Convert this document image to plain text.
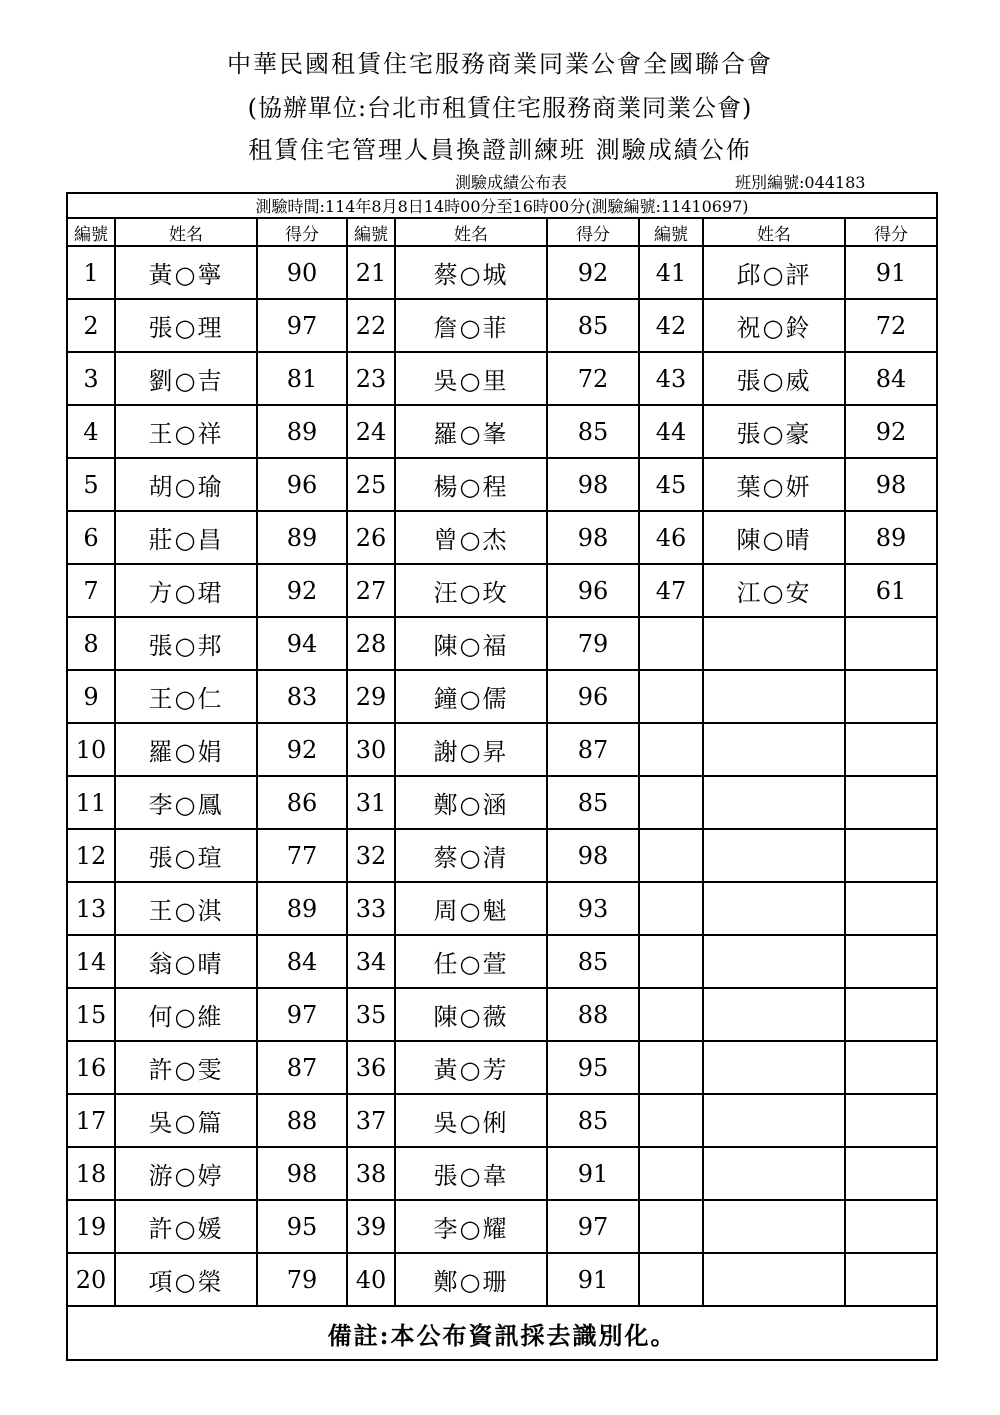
中華民國租賃住宅服務商業同業公會全國聯合會
(協辦單位:台北市租賃住宅服務商業同業公會)
租賃住宅管理人員換證訓練班 測驗成績公佈
測驗成績公布表	班別編號:044183
測驗時間:114年8月8日14時00分至16時00分(測驗編號:11410697)								
編號	姓名	得分	編號	姓名	得分	編號	姓名	得分
1	黃○寧	90	21	蔡○城	92	41	邱○評	91
2	張○理	97	22	詹○菲	85	42	祝○鈴	72
3	劉○吉	81	23	吳○里	72	43	張○威	84
4	王○祥	89	24	羅○峯	85	44	張○豪	92
5	胡○瑜	96	25	楊○程	98	45	葉○妍	98
6	莊○昌	89	26	曾○杰	98	46	陳○晴	89
7	方○珺	92	27	汪○玫	96	47	江○安	61
8	張○邦	94	28	陳○福	79			
9	王○仁	83	29	鐘○儒	96			
10	羅○娟	92	30	謝○昇	87			
11	李○鳳	86	31	鄭○涵	85			
12	張○瑄	77	32	蔡○清	98			
13	王○淇	89	33	周○魁	93			
14	翁○晴	84	34	任○萱	85			
15	何○維	97	35	陳○薇	88			
16	許○雯	87	36	黃○芳	95			
17	吳○篇	88	37	吳○俐	85			
18	游○婷	98	38	張○韋	91			
19	許○媛	95	39	李○耀	97			
20	項○榮	79	40	鄭○珊	91			
備註:本公布資訊採去識別化。								
